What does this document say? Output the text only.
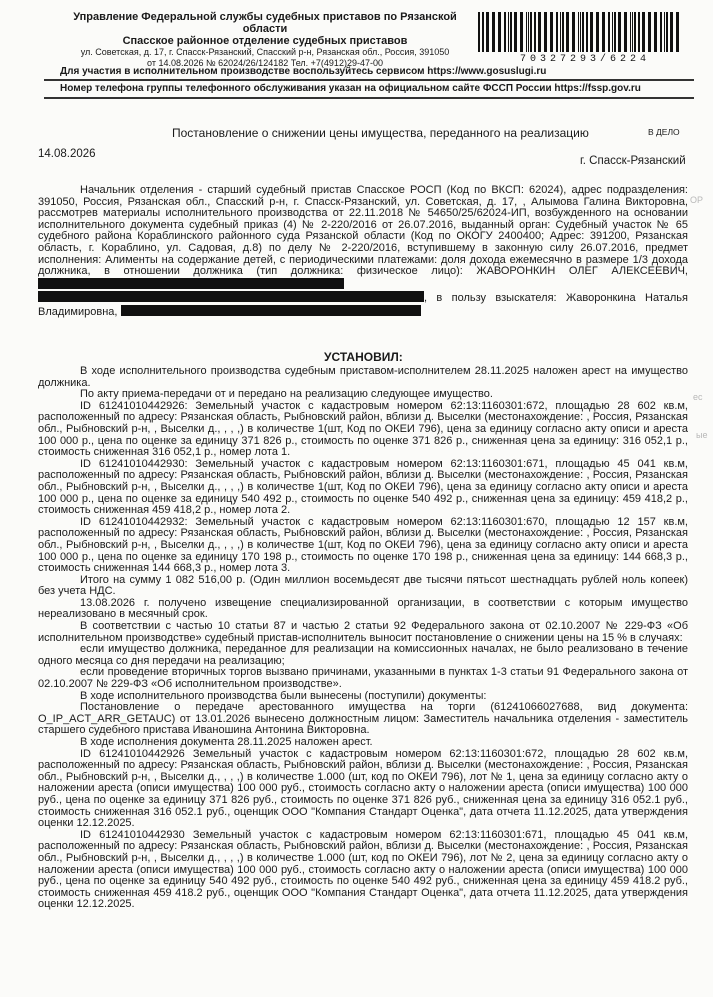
Управление Федеральной службы судебных приставов по Рязанской области
Спасское районное отделение судебных приставов
ул. Советская, д. 17, г. Спасск-Рязанский, Спасский р-н, Рязанская обл., Россия, 391050
от 14.08.2026 № 62024/26/124182 Тел. +7(4912)29-47-00	70327293/6224
Для участия в исполнительном производстве воспользуйтесь сервисом https://www.gosuslugi.ru
Номер телефона группы телефонного обслуживания указан на официальном сайте ФССП России https://fssp.gov.ru
В ДЕЛО
Постановление о снижении цены имущества, переданного на реализацию
14.08.2026
г. Спасск-Рязанский
Начальник отделения - старший судебный пристав Спасское РОСП (Код по ВКСП: 62024), адрес подразделения: 391050, Россия, Рязанская обл., Спасский р-н, г. Спасск-Рязанский, ул. Советская, д. 17, , Алымова Галина Викторовна, рассмотрев материалы исполнительного производства от 22.11.2018 № 54650/25/62024-ИП, возбужденного на основании исполнительного документа судебный приказ (4) № 2-220/2016 от 26.07.2016, выданный орган: Судебный участок № 65 судебного района Кораблинского районного суда Рязанской области (Код по ОКОГУ 2400400; Адрес: 391200, Рязанская область, г. Кораблино, ул. Садовая, д.8) по делу № 2-220/2016, вступившему в законную силу 26.07.2016, предмет исполнения: Алименты на содержание детей, с периодическими платежами: доля дохода ежемесячно в размере 1/3 дохода должника, в отношении должника (тип должника: физическое лицо): ЖАВОРОНКИН ОЛЕГ АЛЕКСЕЕВИЧ,  , в пользу взыскателя: Жаворонкина Наталья Владимировна,
УСТАНОВИЛ:
В ходе исполнительного производства судебным приставом-исполнителем 28.11.2025 наложен арест на имущество должника.
По акту приема-передачи от и передано на реализацию следующее имущество.
ID 61241010442926: Земельный участок с кадастровым номером 62:13:1160301:672, площадью 28 602 кв.м, расположенный по адресу: Рязанская область, Рыбновский район, вблизи д. Выселки (местонахождение: , Россия, Рязанская обл., Рыбновский р-н, , Выселки д., , , ,) в количестве 1(шт, Код по ОКЕИ 796), цена за единицу согласно акту описи и ареста 100 000 р., цена по оценке за единицу 371 826 р., стоимость по оценке 371 826 р., сниженная цена за единицу: 316 052,1 р., стоимость сниженная 316 052,1 р., номер лота 1.
ID 61241010442930: Земельный участок с кадастровым номером 62:13:1160301:671, площадью 45 041 кв.м, расположенный по адресу: Рязанская область, Рыбновский район, вблизи д. Выселки (местонахождение: , Россия, Рязанская обл., Рыбновский р-н, , Выселки д., , , ,) в количестве 1(шт, Код по ОКЕИ 796), цена за единицу согласно акту описи и ареста 100 000 р., цена по оценке за единицу 540 492 р., стоимость по оценке 540 492 р., сниженная цена за единицу: 459 418,2 р., стоимость сниженная 459 418,2 р., номер лота 2.
ID 61241010442932: Земельный участок с кадастровым номером 62:13:1160301:670, площадью 12 157 кв.м, расположенный по адресу: Рязанская область, Рыбновский район, вблизи д. Выселки (местонахождение: , Россия, Рязанская обл., Рыбновский р-н, , Выселки д., , , ,) в количестве 1(шт, Код по ОКЕИ 796), цена за единицу согласно акту описи и ареста 100 000 р., цена по оценке за единицу 170 198 р., стоимость по оценке 170 198 р., сниженная цена за единицу: 144 668,3 р., стоимость сниженная 144 668,3 р., номер лота 3.
Итого на сумму 1 082 516,00 р. (Один миллион восемьдесят две тысячи пятьсот шестнадцать рублей ноль копеек) без учета НДС.
13.08.2026 г. получено извещение специализированной организации, в соответствии с которым имущество нереализовано в месячный срок.
В соответствии с частью 10 статьи 87 и частью 2 статьи 92 Федерального закона от 02.10.2007 № 229-ФЗ «Об исполнительном производстве» судебный пристав-исполнитель выносит постановление о снижении цены на 15 % в случаях:
если имущество должника, переданное для реализации на комиссионных началах, не было реализовано в течение одного месяца со дня передачи на реализацию;
если проведение вторичных торгов вызвано причинами, указанными в пунктах 1-3 статьи 91 Федерального закона от 02.10.2007 № 229-ФЗ «Об исполнительном производстве».
В ходе исполнительного производства были вынесены (поступили) документы:
Постановление о передаче арестованного имущества на торги (61241066027688, вид документа: O_IP_ACT_ARR_GETAUC) от 13.01.2026 вынесено должностным лицом: Заместитель начальника отделения - заместитель старшего судебного пристава Иваношина Антонина Викторовна.
В ходе исполнения документа 28.11.2025 наложен арест.
ID 61241010442926 Земельный участок с кадастровым номером 62:13:1160301:672, площадью 28 602 кв.м, расположенный по адресу: Рязанская область, Рыбновский район, вблизи д. Выселки (местонахождение: , Россия, Рязанская обл., Рыбновский р-н, , Выселки д., , , ,) в количестве 1.000 (шт, код по ОКЕИ 796), лот № 1, цена за единицу согласно акту о наложении ареста (описи имущества) 100 000 руб., стоимость согласно акту о наложении ареста (описи имущества) 100 000 руб., цена по оценке за единицу 371 826 руб., стоимость по оценке 371 826 руб., сниженная цена за единицу 316 052.1 руб., стоимость сниженная 316 052.1 руб., оценщик ООО "Компания Стандарт Оценка", дата отчета 11.12.2025, дата утверждения оценки 12.12.2025.
ID 61241010442930 Земельный участок с кадастровым номером 62:13:1160301:671, площадью 45 041 кв.м, расположенный по адресу: Рязанская область, Рыбновский район, вблизи д. Выселки (местонахождение: , Россия, Рязанская обл., Рыбновский р-н, , Выселки д., , , ,) в количестве 1.000 (шт, код по ОКЕИ 796), лот № 2, цена за единицу согласно акту о наложении ареста (описи имущества) 100 000 руб., стоимость согласно акту о наложении ареста (описи имущества) 100 000 руб., цена по оценке за единицу 540 492 руб., стоимость по оценке 540 492 руб., сниженная цена за единицу 459 418.2 руб., стоимость сниженная 459 418.2 руб., оценщик ООО "Компания Стандарт Оценка", дата отчета 11.12.2025, дата утверждения оценки 12.12.2025.
ОР
ес
ые
